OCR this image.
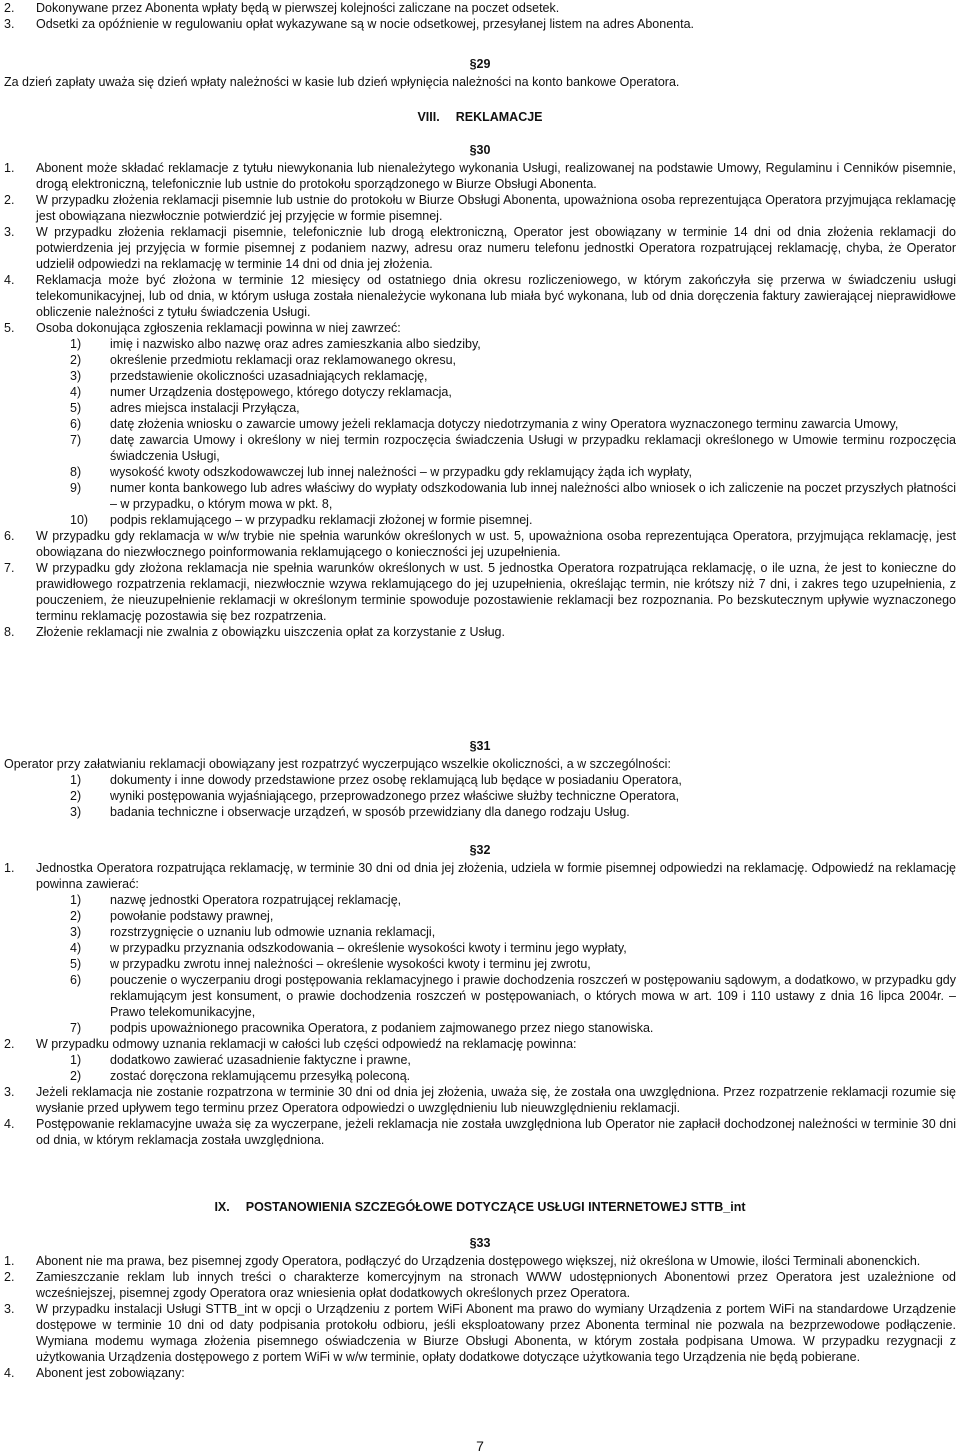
2. Dokonywane przez Abonenta wpłaty będą w pierwszej kolejności zaliczane na poczet odsetek.
3. Odsetki za opóźnienie w regulowaniu opłat wykazywane są w nocie odsetkowej, przesyłanej listem na adres Abonenta.
§29
Za dzień zapłaty uważa się dzień wpłaty należności w kasie lub dzień wpłynięcia należności na konto bankowe Operatora.
VIII. REKLAMACJE
§30
1. Abonent może składać reklamacje z tytułu niewykonania lub nienależytego wykonania Usługi, realizowanej na podstawie Umowy, Regulaminu i Cenników pisemnie, drogą elektroniczną, telefonicznie lub ustnie do protokołu sporządzonego w Biurze Obsługi Abonenta.
2. W przypadku złożenia reklamacji pisemnie lub ustnie do protokołu w Biurze Obsługi Abonenta, upoważniona osoba reprezentująca Operatora przyjmująca reklamację jest obowiązana niezwłocznie potwierdzić jej przyjęcie w formie pisemnej.
3. W przypadku złożenia reklamacji pisemnie, telefonicznie lub drogą elektroniczną, Operator jest obowiązany w terminie 14 dni od dnia złożenia reklamacji do potwierdzenia jej przyjęcia w formie pisemnej z podaniem nazwy, adresu oraz numeru telefonu jednostki Operatora rozpatrującej reklamację, chyba, że Operator udzielił odpowiedzi na reklamację w terminie 14 dni od dnia jej złożenia.
4. Reklamacja może być złożona w terminie 12 miesięcy od ostatniego dnia okresu rozliczeniowego, w którym zakończyła się przerwa w świadczeniu usługi telekomunikacyjnej, lub od dnia, w którym usługa została nienależycie wykonana lub miała być wykonana, lub od dnia doręczenia faktury zawierającej nieprawidłowe obliczenie należności z tytułu świadczenia Usługi.
5. Osoba dokonująca zgłoszenia reklamacji powinna w niej zawrzeć:
1) imię i nazwisko albo nazwę oraz adres zamieszkania albo siedziby,
2) określenie przedmiotu reklamacji oraz reklamowanego okresu,
3) przedstawienie okoliczności uzasadniających reklamację,
4) numer Urządzenia dostępowego, którego dotyczy reklamacja,
5) adres miejsca instalacji Przyłącza,
6) datę złożenia wniosku o zawarcie umowy jeżeli reklamacja dotyczy niedotrzymania z winy Operatora wyznaczonego terminu zawarcia Umowy,
7) datę zawarcia Umowy i określony w niej termin rozpoczęcia świadczenia Usługi w przypadku reklamacji określonego w Umowie terminu rozpoczęcia świadczenia Usługi,
8) wysokość kwoty odszkodowawczej lub innej należności – w przypadku gdy reklamujący żąda ich wypłaty,
9) numer konta bankowego lub adres właściwy do wypłaty odszkodowania lub innej należności albo wniosek o ich zaliczenie na poczet przyszłych płatności – w przypadku, o którym mowa w pkt. 8,
10) podpis reklamującego – w przypadku reklamacji złożonej w formie pisemnej.
6. W przypadku gdy reklamacja w w/w trybie nie spełnia warunków określonych w ust. 5, upoważniona osoba reprezentująca Operatora, przyjmująca reklamację, jest obowiązana do niezwłocznego poinformowania reklamującego o konieczności jej uzupełnienia.
7. W przypadku gdy złożona reklamacja nie spełnia warunków określonych w ust. 5 jednostka Operatora rozpatrująca reklamację, o ile uzna, że jest to konieczne do prawidłowego rozpatrzenia reklamacji, niezwłocznie wzywa reklamującego do jej uzupełnienia, określając termin, nie krótszy niż 7 dni, i zakres tego uzupełnienia, z pouczeniem, że nieuzupełnienie reklamacji w określonym terminie spowoduje pozostawienie reklamacji bez rozpoznania. Po bezskutecznym upływie wyznaczonego terminu reklamację pozostawia się bez rozpatrzenia.
8. Złożenie reklamacji nie zwalnia z obowiązku uiszczenia opłat za korzystanie z Usług.
§31
Operator przy załatwianiu reklamacji obowiązany jest rozpatrzyć wyczerpująco wszelkie okoliczności, a w szczególności:
1) dokumenty i inne dowody przedstawione przez osobę reklamującą lub będące w posiadaniu Operatora,
2) wyniki postępowania wyjaśniającego, przeprowadzonego przez właściwe służby techniczne Operatora,
3) badania techniczne i obserwacje urządzeń, w sposób przewidziany dla danego rodzaju Usług.
§32
1. Jednostka Operatora rozpatrująca reklamację, w terminie 30 dni od dnia jej złożenia, udziela w formie pisemnej odpowiedzi na reklamację. Odpowiedź na reklamację powinna zawierać:
1) nazwę jednostki Operatora rozpatrującej reklamację,
2) powołanie podstawy prawnej,
3) rozstrzygnięcie o uznaniu lub odmowie uznania reklamacji,
4) w przypadku przyznania odszkodowania – określenie wysokości kwoty i terminu jego wypłaty,
5) w przypadku zwrotu innej należności – określenie wysokości kwoty i terminu jej zwrotu,
6) pouczenie o wyczerpaniu drogi postępowania reklamacyjnego i prawie dochodzenia roszczeń w postępowaniu sądowym, a dodatkowo, w przypadku gdy reklamującym jest konsument, o prawie dochodzenia roszczeń w postępowaniach, o których mowa w art. 109 i 110 ustawy z dnia 16 lipca 2004r. – Prawo telekomunikacyjne,
7) podpis upoważnionego pracownika Operatora, z podaniem zajmowanego przez niego stanowiska.
2. W przypadku odmowy uznania reklamacji w całości lub części odpowiedź na reklamację powinna:
1) dodatkowo zawierać uzasadnienie faktyczne i prawne,
2) zostać doręczona reklamującemu przesyłką poleconą.
3. Jeżeli reklamacja nie zostanie rozpatrzona w terminie 30 dni od dnia jej złożenia, uważa się, że została ona uwzględniona. Przez rozpatrzenie reklamacji rozumie się wysłanie przed upływem tego terminu przez Operatora odpowiedzi o uwzględnieniu lub nieuwzględnieniu reklamacji.
4. Postępowanie reklamacyjne uważa się za wyczerpane, jeżeli reklamacja nie została uwzględniona lub Operator nie zapłacił dochodzonej należności w terminie 30 dni od dnia, w którym reklamacja została uwzględniona.
IX. POSTANOWIENIA SZCZEGÓŁOWE DOTYCZĄCE USŁUGI INTERNETOWEJ STTB_int
§33
1. Abonent nie ma prawa, bez pisemnej zgody Operatora, podłączyć do Urządzenia dostępowego większej, niż określona w Umowie, ilości Terminali abonenckich.
2. Zamieszczanie reklam lub innych treści o charakterze komercyjnym na stronach WWW udostępnionych Abonentowi przez Operatora jest uzależnione od wcześniejszej, pisemnej zgody Operatora oraz wniesienia opłat dodatkowych określonych przez Operatora.
3. W przypadku instalacji Usługi STTB_int w opcji o Urządzeniu z portem WiFi Abonent ma prawo do wymiany Urządzenia z portem WiFi na standardowe Urządzenie dostępowe w terminie 10 dni od daty podpisania protokołu odbioru, jeśli eksploatowany przez Abonenta terminal nie pozwala na bezprzewodowe podłączenie. Wymiana modemu wymaga złożenia pisemnego oświadczenia w Biurze Obsługi Abonenta, w którym została podpisana Umowa. W przypadku rezygnacji z użytkowania Urządzenia dostępowego z portem WiFi w w/w terminie, opłaty dodatkowe dotyczące użytkowania tego Urządzenia nie będą pobierane.
4. Abonent jest zobowiązany:
7
